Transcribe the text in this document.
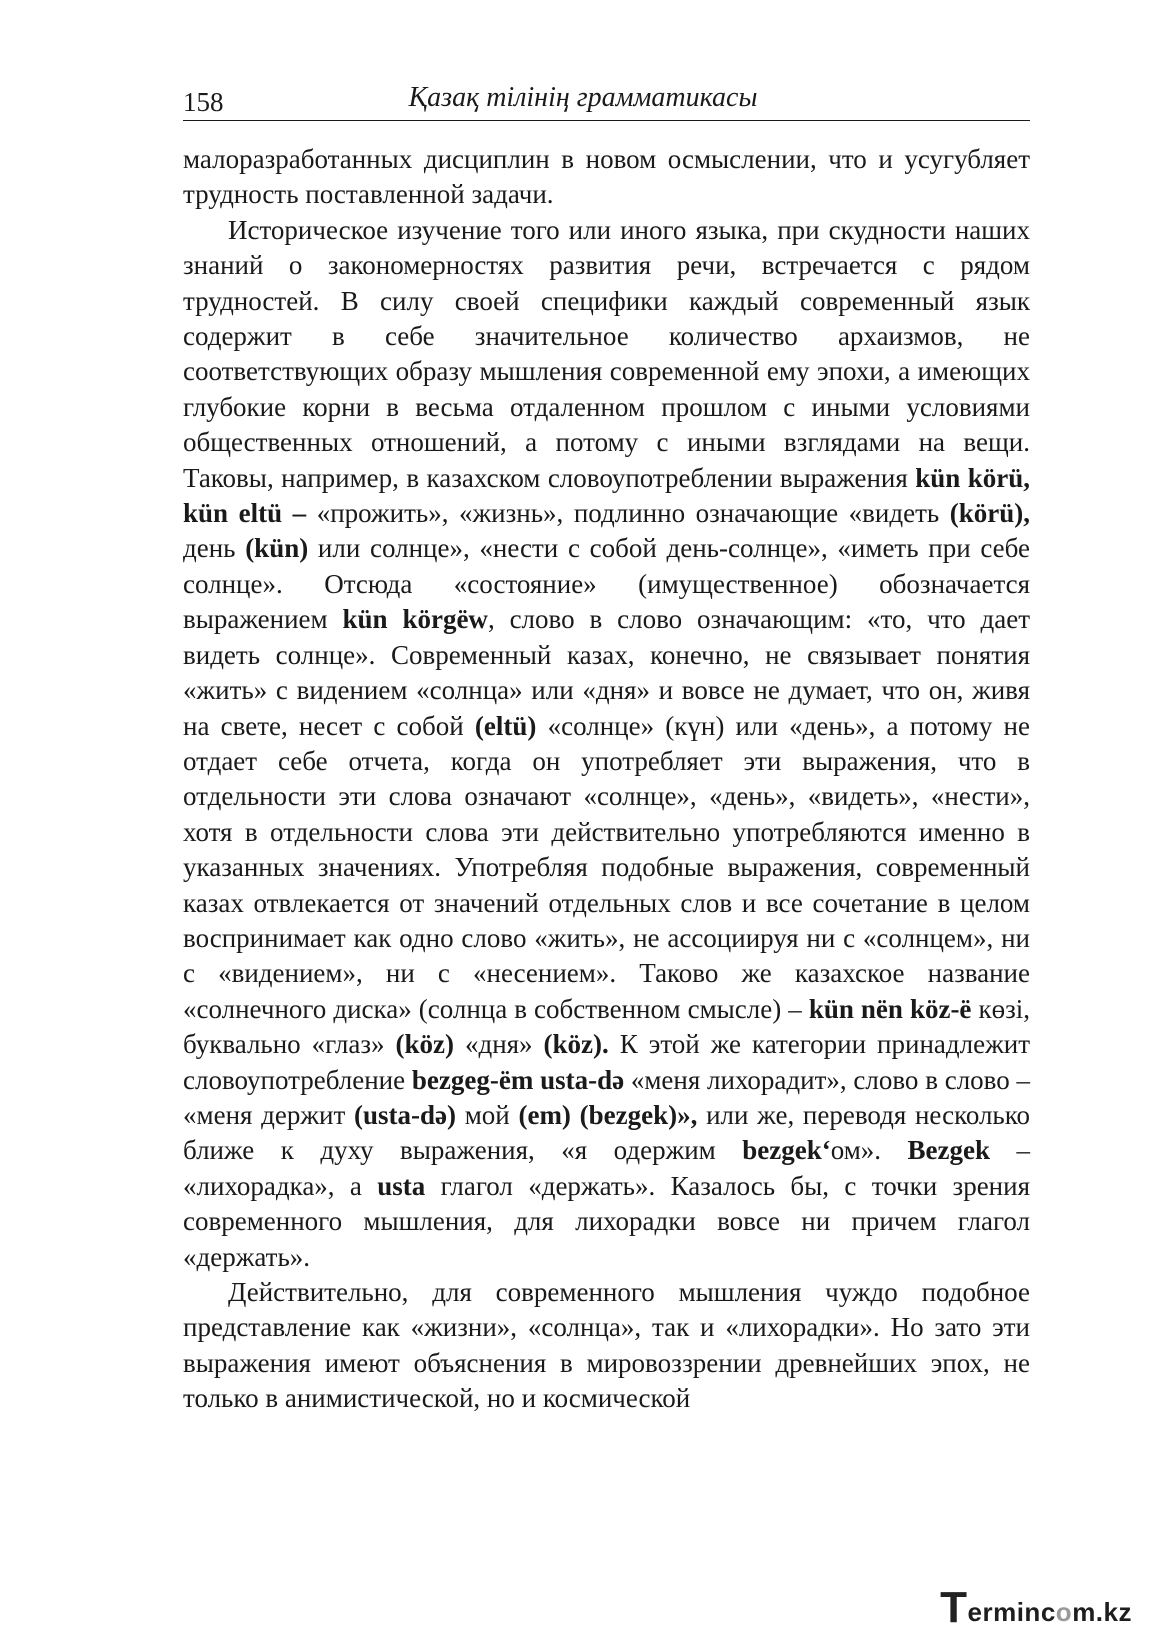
158	Қазақ тілінің грамматикасы

малоразработанных дисциплин в новом осмыслении, что и усугубляет трудность поставленной задачи.

Историческое изучение того или иного языка, при скудности наших знаний о закономерностях развития речи, встречается с рядом трудностей. В силу своей специфики каждый современный язык содержит в себе значительное количество архаизмов, не соответствующих образу мышления современной ему эпохи, а имеющих глубокие корни в весьма отдаленном прошлом с иными условиями общественных отношений, а потому с иными взглядами на вещи. Таковы, например, в казахском словоупотреблении выражения kün körü, kün eltü – «прожить», «жизнь», подлинно означающие «видеть (körü), день (kün) или солнце», «нести с собой день-солнце», «иметь при себе солнце». Отсюда «состояние» (имущественное) обозначается выражением kün körgëw, слово в слово означающим: «то, что дает видеть солнце». Современный казах, конечно, не связывает понятия «жить» с видением «солнца» или «дня» и вовсе не думает, что он, живя на свете, несет с собой (eltü) «солнце» (күн) или «день», а потому не отдает себе отчета, когда он употребляет эти выражения, что в отдельности эти слова означают «солнце», «день», «видеть», «нести», хотя в отдельности слова эти действительно употребляются именно в указанных значениях. Употребляя подобные выражения, современный казах отвлекается от значений отдельных слов и все сочетание в целом воспринимает как одно слово «жить», не ассоциируя ни с «солнцем», ни с «видением», ни с «несением». Таково же казахское название «солнечного диска» (солнца в собственном смысле) – kün nën köz-ë көзі, буквально «глаз» (köz) «дня» (köz). К этой же категории принадлежит словоупотребление bezgeg-ëm usta-də «меня лихорадит», слово в слово – «меня держит (usta-də) мой (em) (bezgek)», или же, переводя несколько ближе к духу выражения, «я одержим bezgek‘ом». Bezgek – «лихорадка», а usta глагол «держать». Казалось бы, с точки зрения современного мышления, для лихорадки вовсе ни причем глагол «держать».

Действительно, для современного мышления чуждо подобное представление как «жизни», «солнца», так и «лихорадки». Но зато эти выражения имеют объяснения в мировоззрении древнейших эпох, не только в анимистической, но и космической

T ermin c o m.kz
